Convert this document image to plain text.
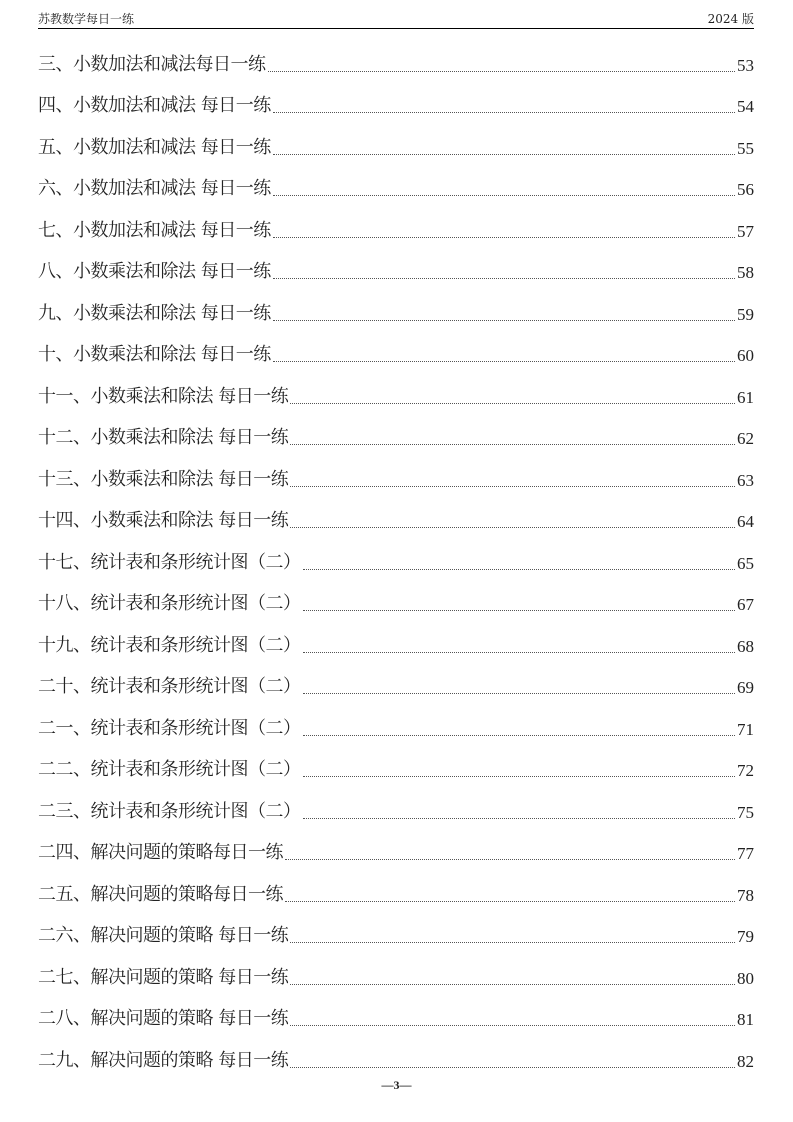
苏教数学每日一练	2024 版
三、小数加法和减法每日一练	53
四、小数加法和减法 每日一练	54
五、小数加法和减法 每日一练	55
六、小数加法和减法 每日一练	56
七、小数加法和减法 每日一练	57
八、小数乘法和除法 每日一练	58
九、小数乘法和除法 每日一练	59
十、小数乘法和除法 每日一练	60
十一、小数乘法和除法 每日一练	61
十二、小数乘法和除法 每日一练	62
十三、小数乘法和除法 每日一练	63
十四、小数乘法和除法 每日一练	64
十七、统计表和条形统计图（二）	65
十八、统计表和条形统计图（二）	67
十九、统计表和条形统计图（二）	68
二十、统计表和条形统计图（二）	69
二一、统计表和条形统计图（二）	71
二二、统计表和条形统计图（二）	72
二三、统计表和条形统计图（二）	75
二四、解决问题的策略每日一练	77
二五、解决问题的策略每日一练	78
二六、解决问题的策略 每日一练	79
二七、解决问题的策略 每日一练	80
二八、解决问题的策略 每日一练	81
二九、解决问题的策略 每日一练	82
—3—
